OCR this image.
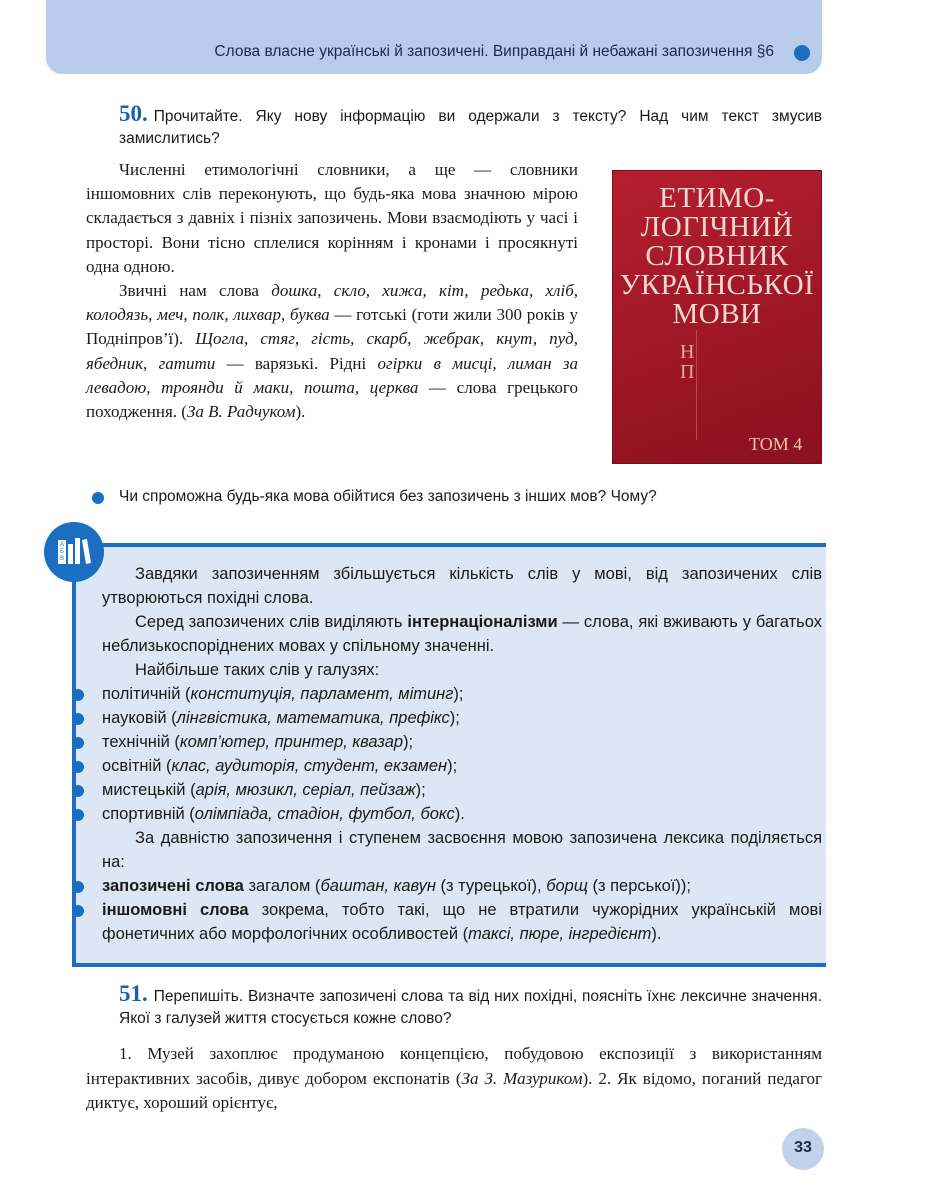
Слова власне українські й запозичені. Виправдані й небажані запозичення §6
50. Прочитайте. Яку нову інформацію ви одержали з тексту? Над чим текст змусив замислитись?

Численні етимологічні словники, а ще — словники іншомовних слів переконують, що будь-яка мова значною мірою складається з давніх і пізніх запозичень. Мови взаємодіють у часі і просторі. Вони тісно сплелися корінням і кронами і просякнуті одна одною.

Звичні нам слова дошка, скло, хижа, кіт, редька, хліб, колодязь, меч, полк, лихвар, буква — готські (готи жили 300 років у Подніпров’ї). Щогла, стяг, гість, скарб, жебрак, кнут, пуд, ябедник, гатити — варязькі. Рідні огірки в мисці, лиман за левадою, троянди й маки, пошта, церква — слова грецького походження. (За В. Радчуком).

ЕТИМО-
ЛОГІЧНИЙ
СЛОВНИК
УКРАЇНСЬКОЇ
МОВИ
Н
П
ТОМ 4
Чи спроможна будь-яка мова обійтися без запозичень з інших мов? Чому?
А
Б
В

Завдяки запозиченням збільшується кількість слів у мові, від запозичених слів утворюються похідні слова.

Серед запозичених слів виділяють інтернаціоналізми — слова, які вживають у багатьох неблизькоспоріднених мовах у спільному значенні.

Найбільше таких слів у галузях:

політичній (конституція, парламент, мітинг);
науковій (лінгвістика, математика, префікс);
технічній (комп’ютер, принтер, квазар);
освітній (клас, аудиторія, студент, екзамен);
мистецькій (арія, мюзикл, серіал, пейзаж);
спортивній (олімпіада, стадіон, футбол, бокс).

За давністю запозичення і ступенем засвоєння мовою запозичена лексика поділяється на:

запозичені слова загалом (баштан, кавун (з турецької), борщ (з перської));
іншомовні слова зокрема, тобто такі, що не втратили чужорідних українській мові фонетичних або морфологічних особливостей (таксі, пюре, інгредієнт).
51. Перепишіть. Визначте запозичені слова та від них похідні, поясніть їхнє лексичне значення. Якої з галузей життя стосується кожне слово?

1. Музей захоплює продуманою концепцією, побудовою експозиції з використанням інтерактивних засобів, дивує добором експонатів (За З. Мазуриком). 2. Як відомо, поганий педагог диктує, хороший орієнтує,

33
